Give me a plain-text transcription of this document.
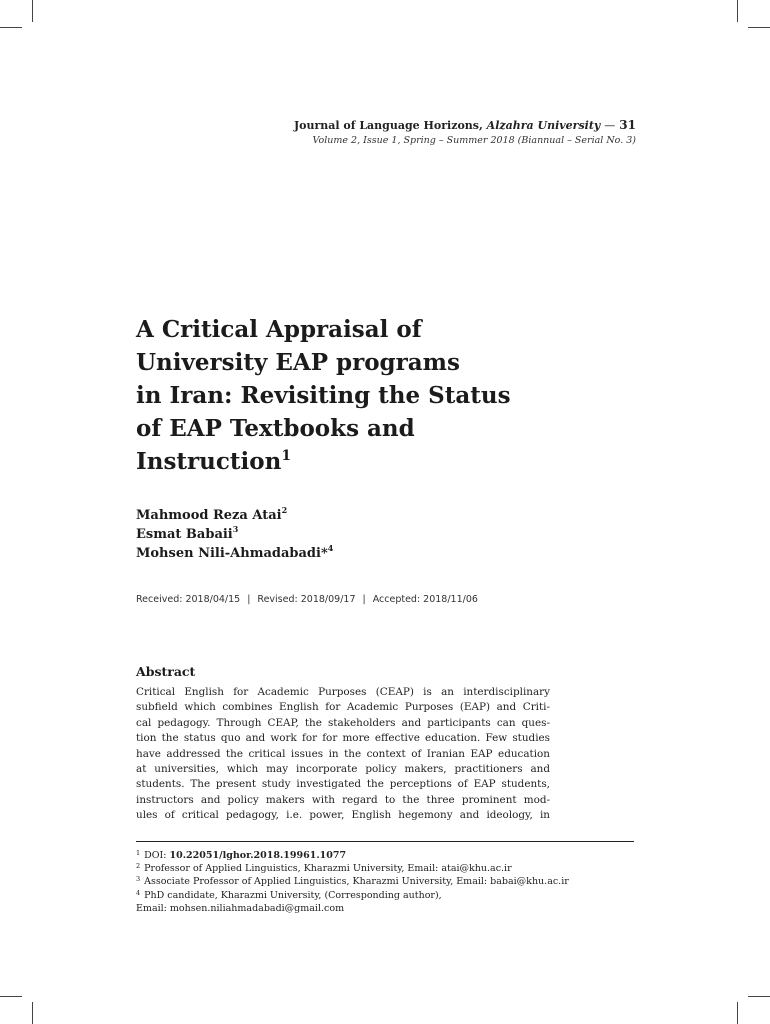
Journal of Language Horizons, Alzahra University — 31
Volume 2, Issue 1, Spring – Summer 2018 (Biannual – Serial No. 3)
A Critical Appraisal of
University EAP programs
in Iran: Revisiting the Status
of EAP Textbooks and
Instruction$^1$
Mahmood Reza Atai$^2$
Esmat Babaii$^3$
Mohsen Nili-Ahmadabadi*$^4$
Received: 2018/04/15 | Revised: 2018/09/17 | Accepted: 2018/11/06
Abstract
Critical English for Academic Purposes (CEAP) is an interdisciplinary
subfield which combines English for Academic Purposes (EAP) and Criti-
cal pedagogy. Through CEAP, the stakeholders and participants can ques-
tion the status quo and work for for more effective education. Few studies
have addressed the critical issues in the context of Iranian EAP education
at universities, which may incorporate policy makers, practitioners and
students. The present study investigated the perceptions of EAP students,
instructors and policy makers with regard to the three prominent mod-
ules of critical pedagogy, i.e. power, English hegemony and ideology, in
$^1$ DOI: 10.22051/lghor.2018.19961.1077
$^2$ Professor of Applied Linguistics, Kharazmi University, Email: atai@khu.ac.ir
$^3$ Associate Professor of Applied Linguistics, Kharazmi University, Email: babai@khu.ac.ir
$^4$ PhD candidate, Kharazmi University, (Corresponding author),
Email: mohsen.niliahmadabadi@gmail.com
